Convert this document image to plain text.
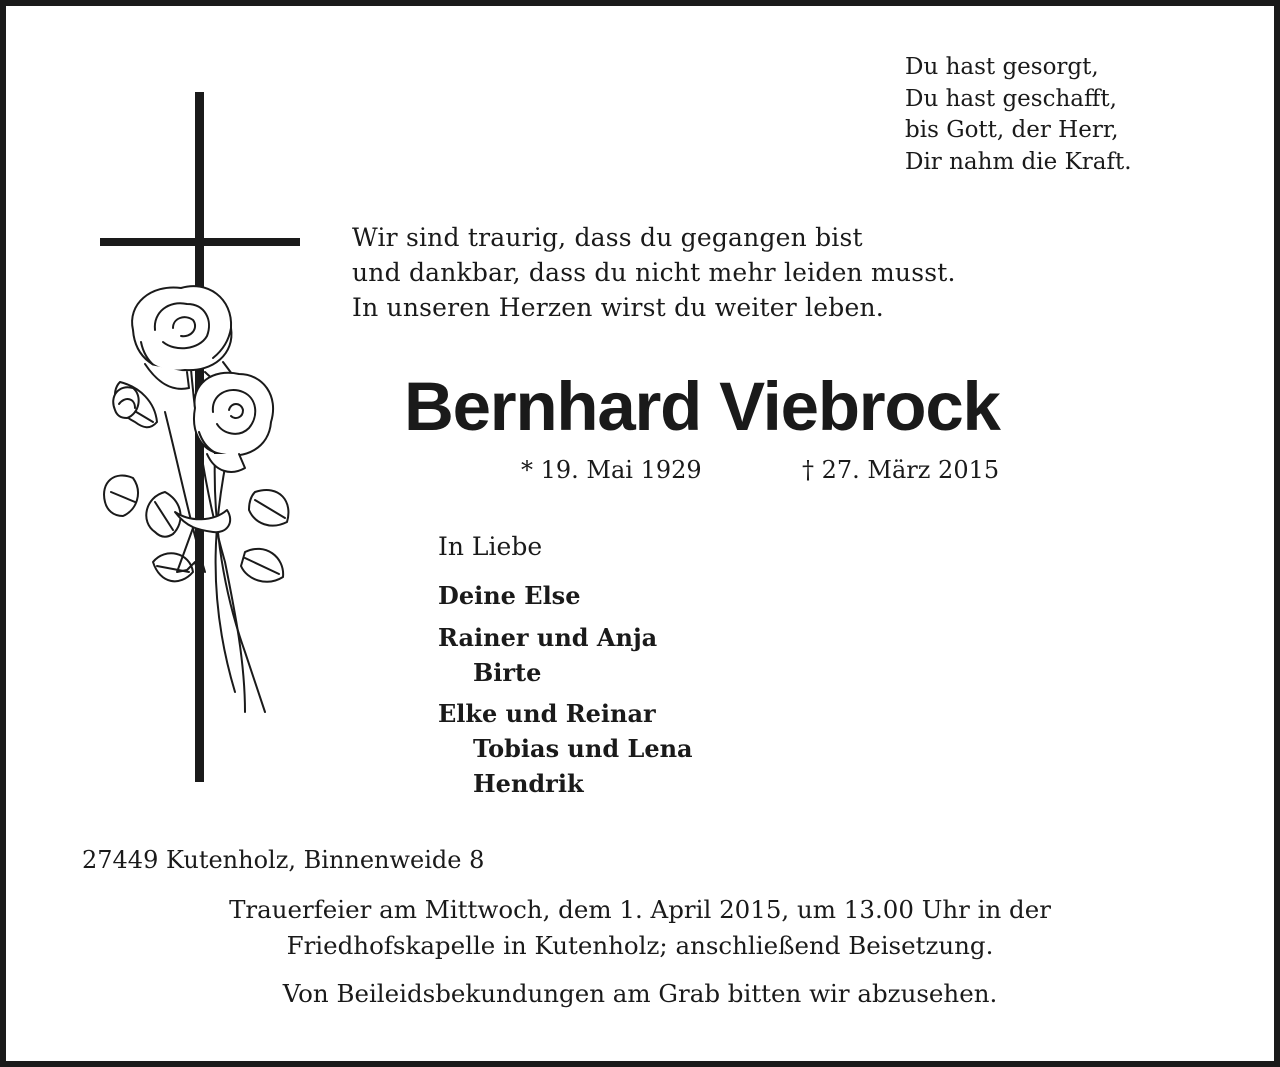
Du hast gesorgt,
Du hast geschafft,
bis Gott, der Herr,
Dir nahm die Kraft.
Wir sind traurig, dass du gegangen bist
und dankbar, dass du nicht mehr leiden musst.
In unseren Herzen wirst du weiter leben.
Bernhard Viebrock
* 19. Mai 1929	† 27. März 2015
In Liebe
Deine Else
Rainer und Anja
Birte
Elke und Reinar
Tobias und Lena
Hendrik
27449 Kutenholz, Binnenweide 8
Trauerfeier am Mittwoch, dem 1. April 2015, um 13.00 Uhr in der
Friedhofskapelle in Kutenholz; anschließend Beisetzung.
Von Beileidsbekundungen am Grab bitten wir abzusehen.
